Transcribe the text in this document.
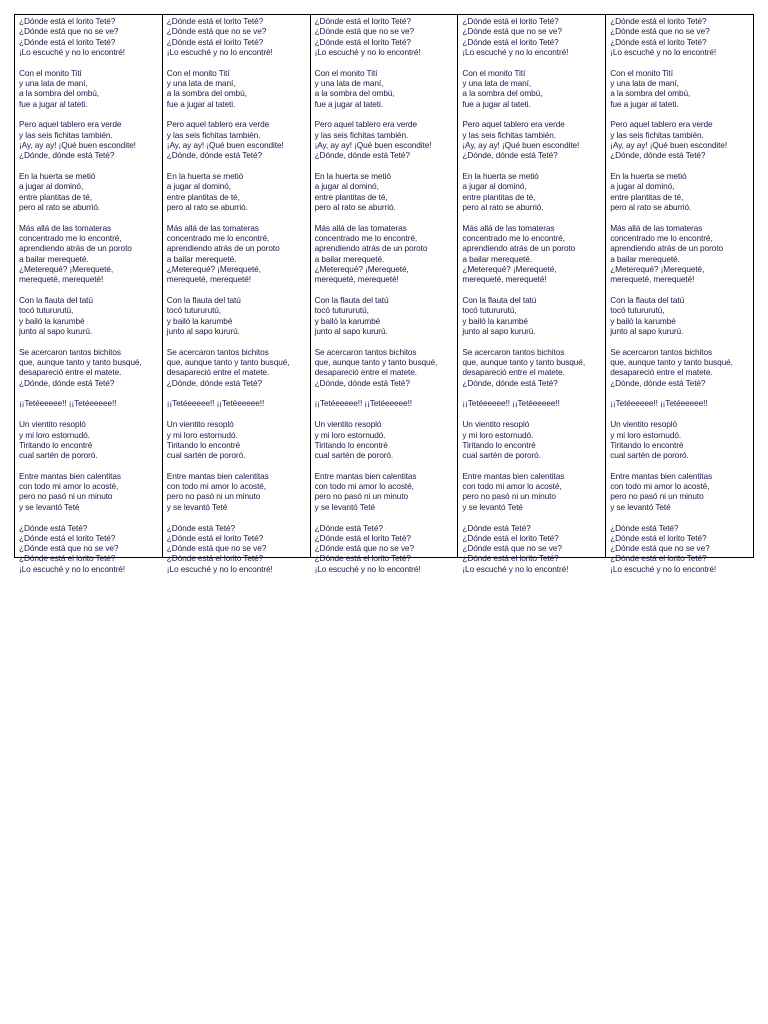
¿Dónde está el lorito Teté?
¿Dónde está que no se ve?
¿Dónde está el lorito Teté?
¡Lo escuché y no lo encontré!
Con el monito Tití
y una lata de maní,
a la sombra del ombú,
fue a jugar al tateti.
Pero aquel tablero era verde
y las seis fichitas también.
¡Ay, ay ay! ¡Qué buen escondite!
¿Dónde, dónde está Teté?
En la huerta se metió
a jugar al dominó,
entre plantitas de té,
pero al rato se aburrió.
Más allá de las tomateras
concentrado me lo encontré,
aprendiendo atrás de un poroto
a bailar merequeté.
¿Meterequé? ¡Merequeté,
merequeté, merequeté!
Con la flauta del tatú
tocó tutururutú,
y bailó la karumbé
junto al sapo kururú.
Se acercaron tantos bichitos
que, aunque tanto y tanto busqué,
desapareció entre el matete.
¿Dónde, dónde está Teté?
¡¡Tetéeeeee!! ¡¡Tetéeeeee!!
Un vientito resopló
y mi loro estornudó.
Tiritando lo encontré
cual sartén de pororó.
Entre mantas bien calentitas
con todo mi amor lo acosté,
pero no pasó ni un minuto
y se levantó Teté
¿Dónde está Teté?
¿Dónde está el lorito Teté?
¿Dónde está que no se ve?
¿Dónde está el lorito Teté?
¡Lo escuché y no lo encontré!
¿Dónde está el lorito Teté?
¿Dónde está que no se ve?
¿Dónde está el lorito Teté?
¡Lo escuché y no lo encontré!
Con el monito Tití
y una lata de maní,
a la sombra del ombú,
fue a jugar al tateti.
Pero aquel tablero era verde
y las seis fichitas también.
¡Ay, ay ay! ¡Qué buen escondite!
¿Dónde, dónde está Teté?
En la huerta se metió
a jugar al dominó,
entre plantitas de té,
pero al rato se aburrió.
Más allá de las tomateras
concentrado me lo encontré,
aprendiendo atrás de un poroto
a bailar merequeté.
¿Meterequé? ¡Merequeté,
merequeté, merequeté!
Con la flauta del tatú
tocó tutururutú,
y bailó la karumbé
junto al sapo kururú.
Se acercaron tantos bichitos
que, aunque tanto y tanto busqué,
desapareció entre el matete.
¿Dónde, dónde está Teté?
¡¡Tetéeeeee!! ¡¡Tetéeeeee!!
Un vientito resopló
y mi loro estornudó.
Tiritando lo encontré
cual sartén de pororó.
Entre mantas bien calentitas
con todo mi amor lo acosté,
pero no pasó ni un minuto
y se levantó Teté
¿Dónde está Teté?
¿Dónde está el lorito Teté?
¿Dónde está que no se ve?
¿Dónde está el lorito Teté?
¡Lo escuché y no lo encontré!
¿Dónde está el lorito Teté?
¿Dónde está que no se ve?
¿Dónde está el lorito Teté?
¡Lo escuché y no lo encontré!
Con el monito Tití
y una lata de maní,
a la sombra del ombú,
fue a jugar al tateti.
Pero aquel tablero era verde
y las seis fichitas también.
¡Ay, ay ay! ¡Qué buen escondite!
¿Dónde, dónde está Teté?
En la huerta se metió
a jugar al dominó,
entre plantitas de té,
pero al rato se aburrió.
Más allá de las tomateras
concentrado me lo encontré,
aprendiendo atrás de un poroto
a bailar merequeté.
¿Meterequé? ¡Merequeté,
merequeté, merequeté!
Con la flauta del tatú
tocó tutururutú,
y bailó la karumbé
junto al sapo kururú.
Se acercaron tantos bichitos
que, aunque tanto y tanto busqué,
desapareció entre el matete.
¿Dónde, dónde está Teté?
¡¡Tetéeeeee!! ¡¡Tetéeeeee!!
Un vientito resopló
y mi loro estornudó.
Tiritando lo encontré
cual sartén de pororó.
Entre mantas bien calentitas
con todo mi amor lo acosté,
pero no pasó ni un minuto
y se levantó Teté
¿Dónde está Teté?
¿Dónde está el lorito Teté?
¿Dónde está que no se ve?
¿Dónde está el lorito Teté?
¡Lo escuché y no lo encontré!
¿Dónde está el lorito Teté?
¿Dónde está que no se ve?
¿Dónde está el lorito Teté?
¡Lo escuché y no lo encontré!
Con el monito Tití
y una lata de maní,
a la sombra del ombú,
fue a jugar al tateti.
Pero aquel tablero era verde
y las seis fichitas también.
¡Ay, ay ay! ¡Qué buen escondite!
¿Dónde, dónde está Teté?
En la huerta se metió
a jugar al dominó,
entre plantitas de té,
pero al rato se aburrió.
Más allá de las tomateras
concentrado me lo encontré,
aprendiendo atrás de un poroto
a bailar merequeté.
¿Meterequé? ¡Merequeté,
merequeté, merequeté!
Con la flauta del tatú
tocó tutururutú,
y bailó la karumbé
junto al sapo kururú.
Se acercaron tantos bichitos
que, aunque tanto y tanto busqué,
desapareció entre el matete.
¿Dónde, dónde está Teté?
¡¡Tetéeeeee!! ¡¡Tetéeeeee!!
Un vientito resopló
y mi loro estornudó.
Tiritando lo encontré
cual sartén de pororó.
Entre mantas bien calentitas
con todo mi amor lo acosté,
pero no pasó ni un minuto
y se levantó Teté
¿Dónde está Teté?
¿Dónde está el lorito Teté?
¿Dónde está que no se ve?
¿Dónde está el lorito Teté?
¡Lo escuché y no lo encontré!
¿Dónde está el lorito Teté?
¿Dónde está que no se ve?
¿Dónde está el lorito Teté?
¡Lo escuché y no lo encontré!
Con el monito Tití
y una lata de maní,
a la sombra del ombú,
fue a jugar al tateti.
Pero aquel tablero era verde
y las seis fichitas también.
¡Ay, ay ay! ¡Qué buen escondite!
¿Dónde, dónde está Teté?
En la huerta se metió
a jugar al dominó,
entre plantitas de té,
pero al rato se aburrió.
Más allá de las tomateras
concentrado me lo encontré,
aprendiendo atrás de un poroto
a bailar merequeté.
¿Meterequé? ¡Merequeté,
merequeté, merequeté!
Con la flauta del tatú
tocó tutururutú,
y bailó la karumbé
junto al sapo kururú.
Se acercaron tantos bichitos
que, aunque tanto y tanto busqué,
desapareció entre el matete.
¿Dónde, dónde está Teté?
¡¡Tetéeeeee!! ¡¡Tetéeeeee!!
Un vientito resopló
y mi loro estornudó.
Tiritando lo encontré
cual sartén de pororó.
Entre mantas bien calentitas
con todo mi amor lo acosté,
pero no pasó ni un minuto
y se levantó Teté
¿Dónde está Teté?
¿Dónde está el lorito Teté?
¿Dónde está que no se ve?
¿Dónde está el lorito Teté?
¡Lo escuché y no lo encontré!
